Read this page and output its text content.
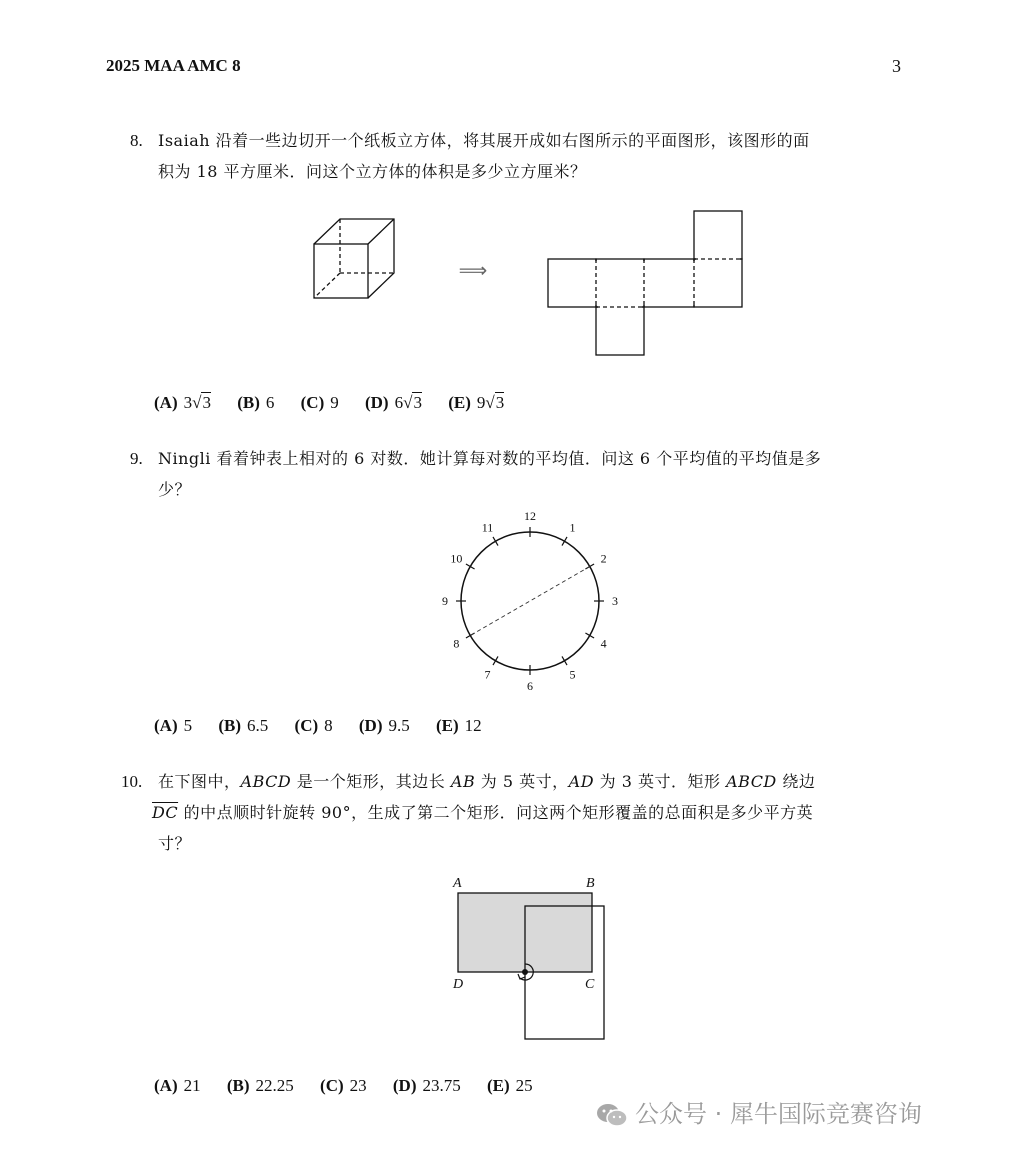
2025 MAA AMC 8	3
8. Isaiah 沿着一些边切开一个纸板立方体，将其展开成如右图所示的平面图形，该图形的面
积为 18 平方厘米．问这个立方体的体积是多少立方厘米？
⟹
(A) 3√3 (B) 6 (C) 9 (D) 6√3 (E) 9√3
9. Ningli 看着钟表上相对的 6 对数．她计算每对数的平均值．问这 6 个平均值的平均值是多
少？
12
1
2
3
4
5
6
7
8
9
10
11
(A) 5 (B) 6.5 (C) 8 (D) 9.5 (E) 12
10. 在下图中，ABCD 是一个矩形，其边长 AB 为 5 英寸，AD 为 3 英寸．矩形 ABCD 绕边
$\overline{DC}$ 的中点顺时针旋转 90°，生成了第二个矩形．问这两个矩形覆盖的总面积是多少平方英
寸？
A	B
C
D
(A) 21 (B) 22.25 (C) 23 (D) 23.75 (E) 25
公众号 · 犀牛国际竞赛咨询
